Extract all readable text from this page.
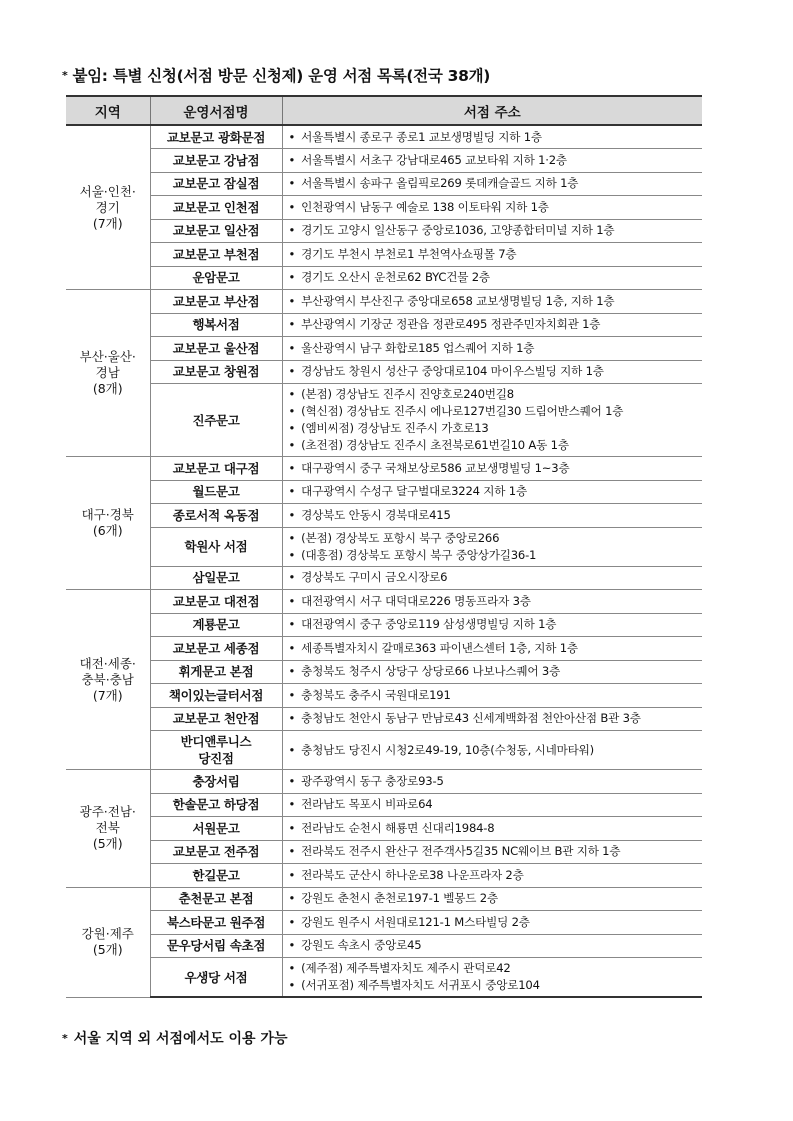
* 붙임: 특별 신청(서점 방문 신청제) 운영 서점 목록(전국 38개)
지역	운영서점명	서점 주소

서울·인천·
경기
(7개)	교보문고 광화문점	• 서울특별시 종로구 종로1 교보생명빌딩 지하 1층

	교보문고 강남점	• 서울특별시 서초구 강남대로465 교보타워 지하 1·2층

	교보문고 잠실점	• 서울특별시 송파구 올림픽로269 롯데캐슬골드 지하 1층

	교보문고 인천점	• 인천광역시 남동구 예술로 138 이토타워 지하 1층

	교보문고 일산점	• 경기도 고양시 일산동구 중앙로1036, 고양종합터미널 지하 1층

	교보문고 부천점	• 경기도 부천시 부천로1 부천역사쇼핑몰 7층

	운암문고	• 경기도 오산시 운천로62 BYC건물 2층

부산·울산·
경남
(8개)	교보문고 부산점	• 부산광역시 부산진구 중앙대로658 교보생명빌딩 1층, 지하 1층

	행복서점	• 부산광역시 기장군 정관읍 정관로495 정관주민자치회관 1층

	교보문고 울산점	• 울산광역시 남구 화합로185 업스퀘어 지하 1층

	교보문고 창원점	• 경상남도 창원시 성산구 중앙대로104 마이우스빌딩 지하 1층

	진주문고	• (본점) 경상남도 진주시 진양호로240번길8
• (혁신점) 경상남도 진주시 에나로127번길30 드림어반스퀘어 1층
• (엠비씨점) 경상남도 진주시 가호로13
• (초전점) 경상남도 진주시 초전북로61번길10 A동 1층

대구·경북
(6개)	교보문고 대구점	• 대구광역시 중구 국채보상로586 교보생명빌딩 1~3층

	월드문고	• 대구광역시 수성구 달구벌대로3224 지하 1층

	종로서적 옥동점	• 경상북도 안동시 경북대로415

	학원사 서점	• (본점) 경상북도 포항시 북구 중앙로266
• (대흥점) 경상북도 포항시 북구 중앙상가길36-1

	삼일문고	• 경상북도 구미시 금오시장로6

대전·세종·
충북·충남
(7개)	교보문고 대전점	• 대전광역시 서구 대덕대로226 명동프라자 3층

	계룡문고	• 대전광역시 중구 중앙로119 삼성생명빌딩 지하 1층

	교보문고 세종점	• 세종특별자치시 갈매로363 파이낸스센터 1층, 지하 1층

	휘게문고 본점	• 충청북도 청주시 상당구 상당로66 나보나스퀘어 3층

	책이있는글터서점	• 충청북도 충주시 국원대로191

	교보문고 천안점	• 충청남도 천안시 동남구 만남로43 신세계백화점 천안아산점 B관 3층

	반디앤루니스
당진점	• 충청남도 당진시 시청2로49-19, 10층(수청동, 시네마타워)

광주·전남·
전북
(5개)	충장서림	• 광주광역시 동구 충장로93-5

	한솔문고 하당점	• 전라남도 목포시 비파로64

	서원문고	• 전라남도 순천시 해룡면 신대리1984-8

	교보문고 전주점	• 전라북도 전주시 완산구 전주객사5길35 NC웨이브 B관 지하 1층

	한길문고	• 전라북도 군산시 하나운로38 나운프라자 2층

강원·제주
(5개)	춘천문고 본점	• 강원도 춘천시 춘천로197-1 벨몽드 2층

	북스타문고 원주점	• 강원도 원주시 서원대로121-1 M스타빌딩 2층

	문우당서림 속초점	• 강원도 속초시 중앙로45

	우생당 서점	• (제주점) 제주특별자치도 제주시 관덕로42
• (서귀포점) 제주특별자치도 서귀포시 중앙로104
* 서울 지역 외 서점에서도 이용 가능
